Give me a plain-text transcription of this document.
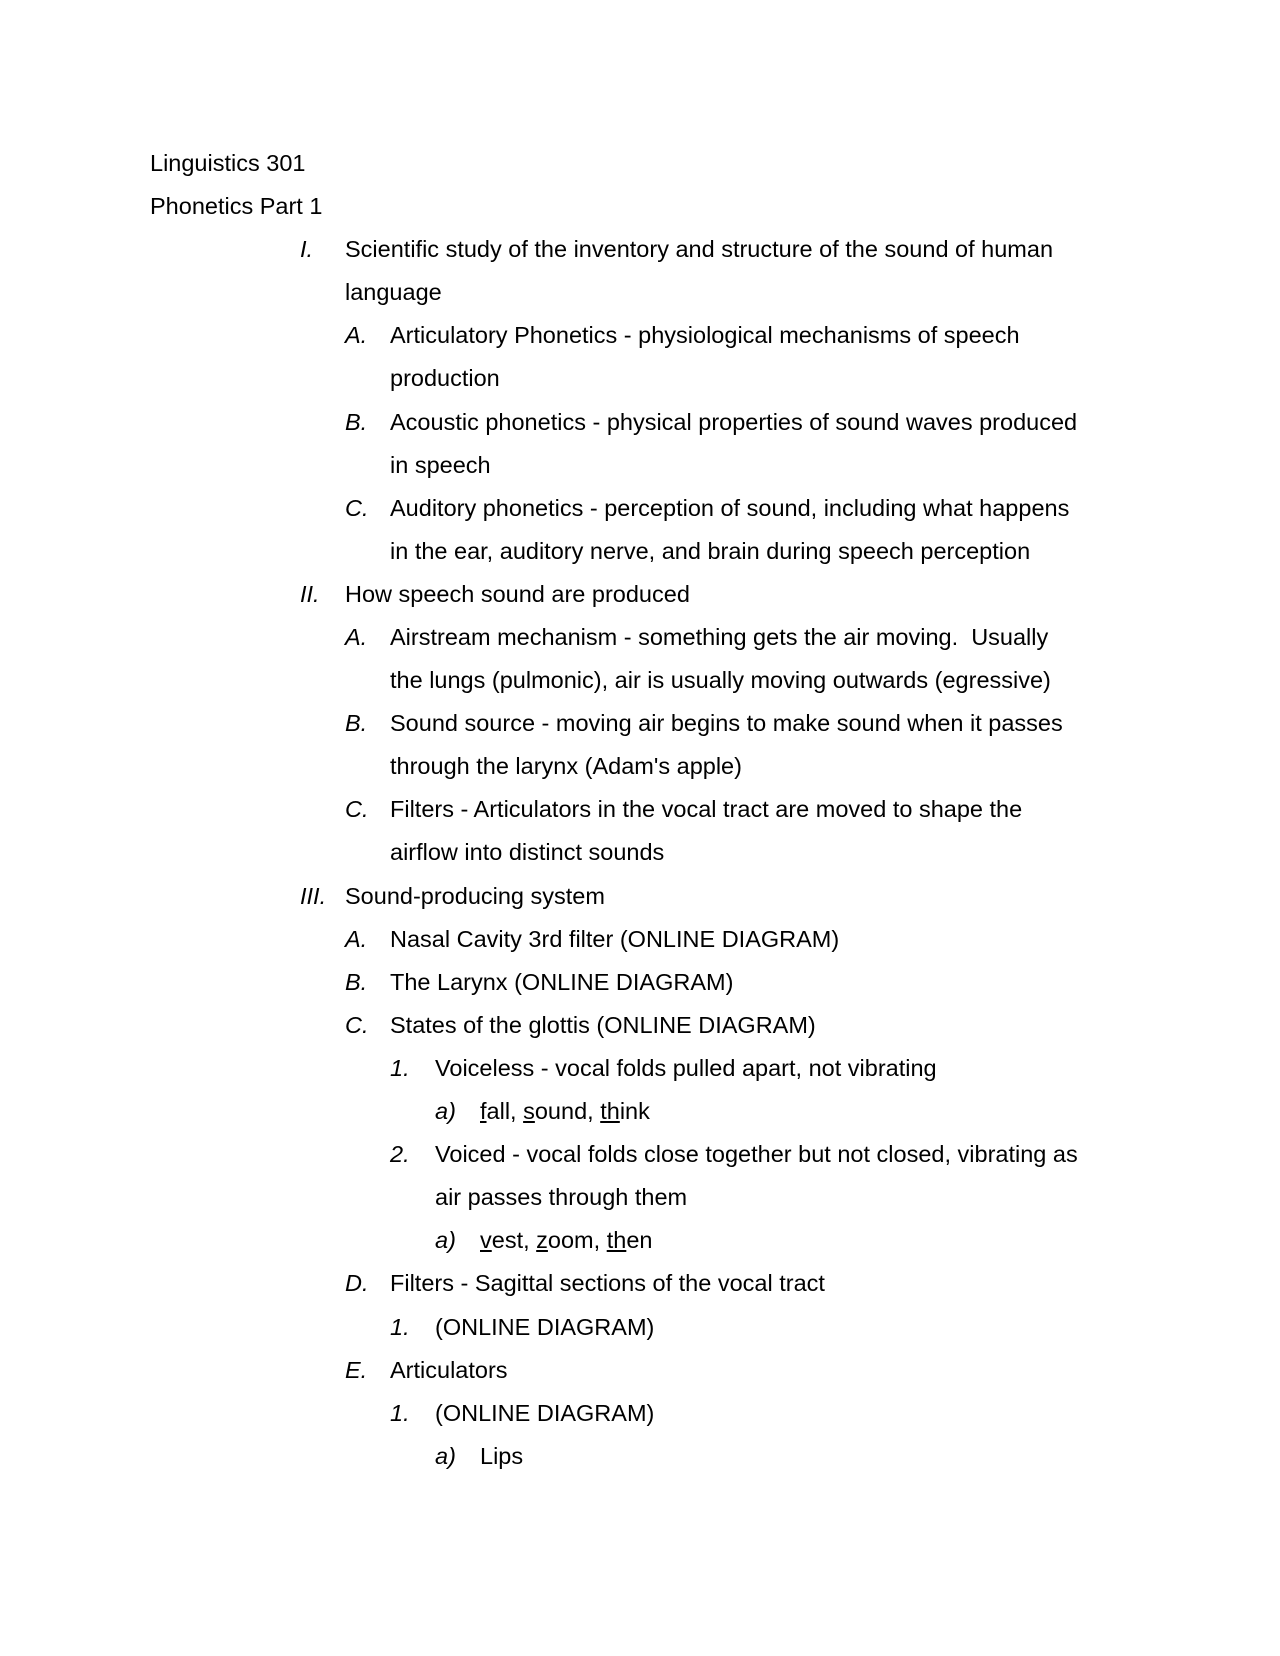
Linguistics 301
Phonetics Part 1
I. Scientific study of the inventory and structure of the sound of human
language
A. Articulatory Phonetics - physiological mechanisms of speech
production
B. Acoustic phonetics - physical properties of sound waves produced
in speech
C. Auditory phonetics - perception of sound, including what happens
in the ear, auditory nerve, and brain during speech perception
II. How speech sound are produced
A. Airstream mechanism - something gets the air moving.  Usually
the lungs (pulmonic), air is usually moving outwards (egressive)
B. Sound source - moving air begins to make sound when it passes
through the larynx (Adam's apple)
C. Filters - Articulators in the vocal tract are moved to shape the
airflow into distinct sounds
III. Sound-producing system
A. Nasal Cavity 3rd filter (ONLINE DIAGRAM)
B. The Larynx (ONLINE DIAGRAM)
C. States of the glottis (ONLINE DIAGRAM)
1. Voiceless - vocal folds pulled apart, not vibrating
a) fall, sound, think
2. Voiced - vocal folds close together but not closed, vibrating as
air passes through them
a) vest, zoom, then
D. Filters - Sagittal sections of the vocal tract
1. (ONLINE DIAGRAM)
E. Articulators
1. (ONLINE DIAGRAM)
a) Lips
